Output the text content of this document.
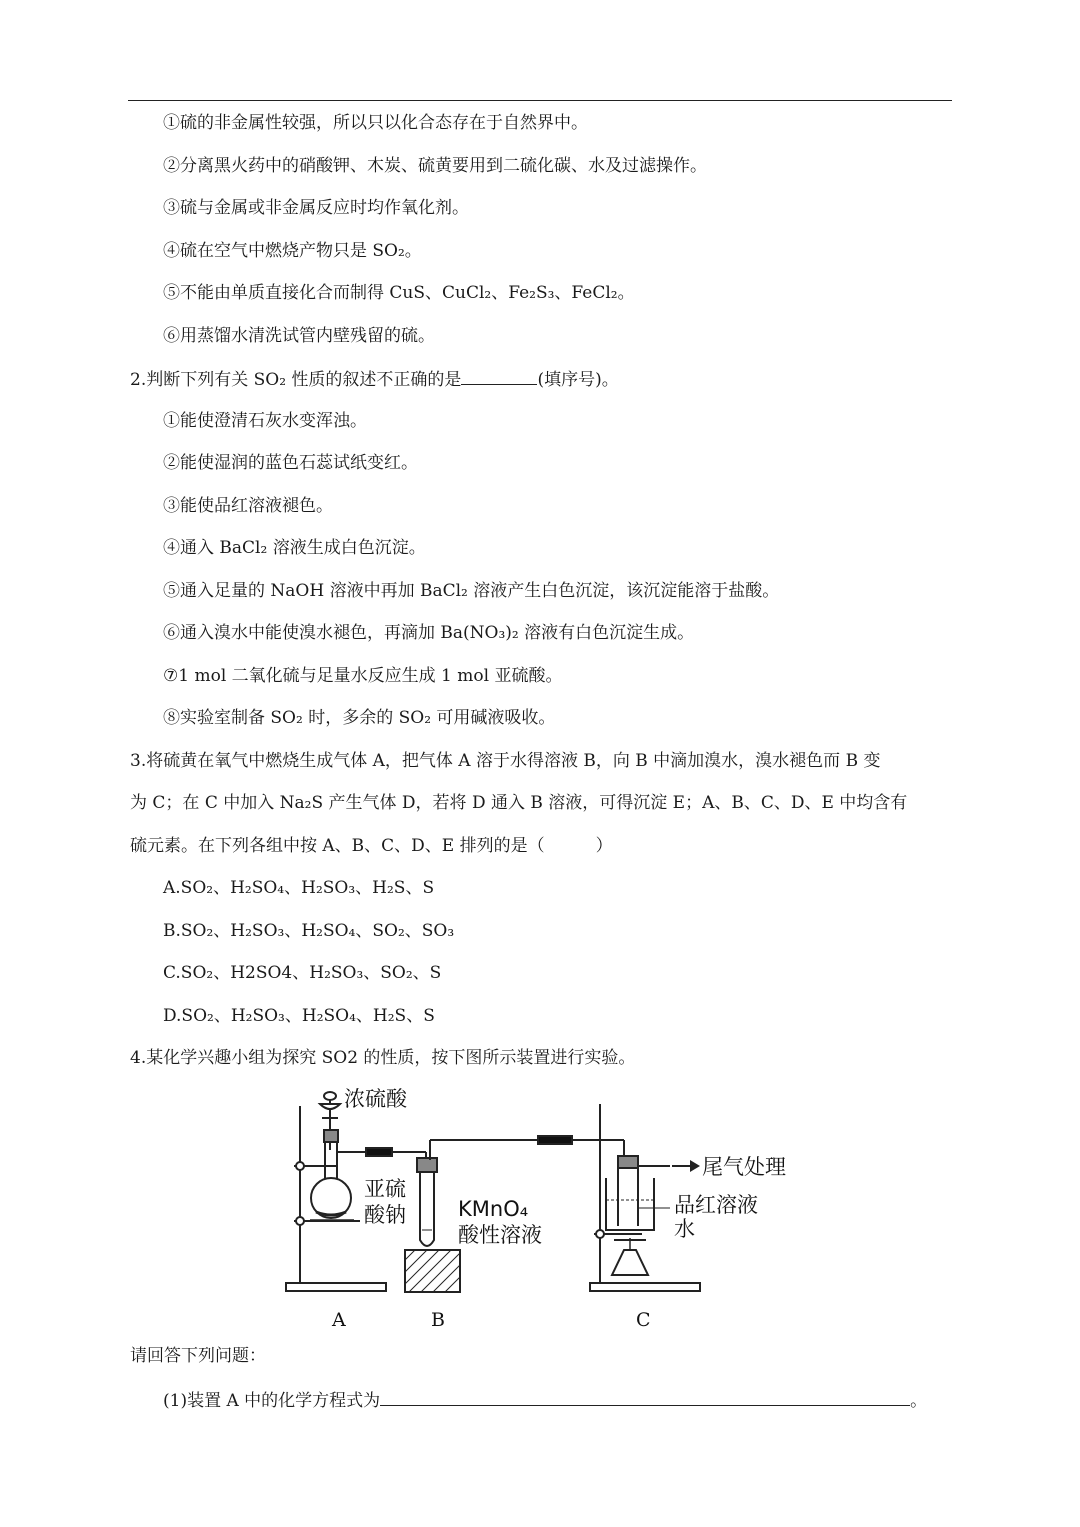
①硫的非金属性较强，所以只以化合态存在于自然界中。
②分离黑火药中的硝酸钾、木炭、硫黄要用到二硫化碳、水及过滤操作。
③硫与金属或非金属反应时均作氧化剂。
④硫在空气中燃烧产物只是 SO₂。
⑤不能由单质直接化合而制得 CuS、CuCl₂、Fe₂S₃、FeCl₂。
⑥用蒸馏水清洗试管内壁残留的硫。
2.判断下列有关 SO₂ 性质的叙述不正确的是	(填序号)。
①能使澄清石灰水变浑浊。
②能使湿润的蓝色石蕊试纸变红。
③能使品红溶液褪色。
④通入 BaCl₂ 溶液生成白色沉淀。
⑤通入足量的 NaOH 溶液中再加 BaCl₂ 溶液产生白色沉淀，该沉淀能溶于盐酸。
⑥通入溴水中能使溴水褪色，再滴加 Ba(NO₃)₂ 溶液有白色沉淀生成。
⑦1 mol 二氧化硫与足量水反应生成 1 mol 亚硫酸。
⑧实验室制备 SO₂ 时，多余的 SO₂ 可用碱液吸收。
3.将硫黄在氧气中燃烧生成气体 A，把气体 A 溶于水得溶液 B，向 B 中滴加溴水，溴水褪色而 B 变
为 C；在 C 中加入 Na₂S 产生气体 D，若将 D 通入 B 溶液，可得沉淀 E；A、B、C、D、E 中均含有
硫元素。在下列各组中按 A、B、C、D、E 排列的是（　　　）
A.SO₂、H₂SO₄、H₂SO₃、H₂S、S
B.SO₂、H₂SO₃、H₂SO₄、SO₂、SO₃
C.SO₂、H2SO4、H₂SO₃、SO₂、S
D.SO₂、H₂SO₃、H₂SO₄、H₂S、S
4.某化学兴趣小组为探究 SO2 的性质，按下图所示装置进行实验。
浓硫酸
亚硫
酸钠 KMnO₄
酸性溶液
尾气处理
品红溶液
水
A	B	C
请回答下列问题：
(1)装置 A 中的化学方程式为	。
